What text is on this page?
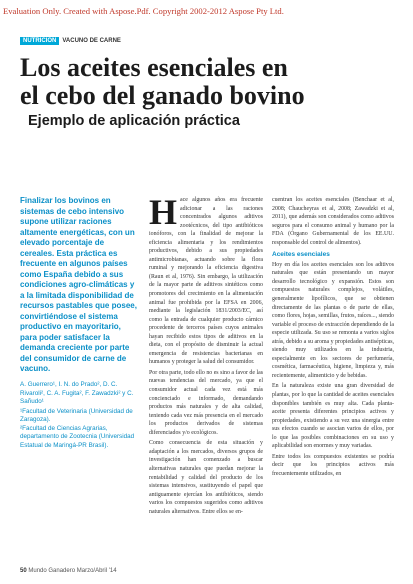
Evaluation Only. Created with Aspose.Pdf. Copyright 2002-2012 Aspose Pty Ltd.
NUTRICIÓN VACUNO DE CARNE
Los aceites esenciales en
el cebo del ganado bovino
Ejemplo de aplicación práctica

Finalizar los bovinos en sistemas de cebo intensivo supone utilizar raciones altamente energéticas, con un elevado porcentaje de cereales. Esta práctica es frecuente en algunos países como España debido a sus condiciones agro-climáticas y a la limitada disponibilidad de recursos pastables que posee, convirtiéndose el sistema productivo en mayoritario, para poder satisfacer la demanda creciente por parte del consumidor de carne de vacuno.

A. Guerrero¹, I. N. do Prado², D. C. Rivaroli², C. A. Fugita², F. Zawadzki² y C. Sañudo¹
¹Facultad de Veterinaria (Universidad de Zaragoza).
²Facultad de Ciencias Agrarias, departamento de Zootecnia (Universidad Estatual de Maringá-PR Brasil).

Hace algunos años era frecuente adicionar a las raciones concentrados algunos aditivos zootécnicos, del tipo antibióticos ionóforos, con la finalidad de mejorar la eficiencia alimentaria y los rendimientos productivos, debido a sus propiedades antimicrobianas, actuando sobre la flora ruminal y mejorando la eficiencia digestiva (Raun et al, 1976). Sin embargo, la utilización de la mayor parte de aditivos sintéticos como promotores del crecimiento en la alimentación animal fue prohibida por la EFSA en 2006, mediante la legislación 1831/2003/EC, así como la entrada de cualquier producto cárnico procedente de terceros países cuyos animales hayan recibido estos tipos de aditivos en la dieta, con el propósito de disminuir la actual emergencia de resistencias bacterianas en humanos y proteger la salud del consumidor.

Por otra parte, todo ello no es sino a favor de las nuevas tendencias del mercado, ya que el consumidor actual cada vez está más concienciado e informado, demandando productos más naturales y de alta calidad, teniendo cada vez más presencia en el mercado los productos derivados de sistemas diferenciados y/o ecológicos.

Como consecuencia de esta situación y adaptación a los mercados, diversos grupos de investigación han comenzado a buscar alternativas naturales que puedan mejorar la rentabilidad y calidad del producto de los sistemas intensivos, sustituyendo el papel que antiguamente ejercían los antibióticos, siendo varios los compuestos sugeridos como aditivos naturales alternativos. Entre ellos se en-

cuentran los aceites esenciales (Benchaar et al, 2008; Chaucheyras et al, 2008; Zawadzki et al, 2011), que además son considerados como aditivos seguros para el consumo animal y humano por la FDA (Órgano Gubernamental de los EE.UU. responsable del control de alimentos).

Aceites esenciales

Hoy en día los aceites esenciales son los aditivos naturales que están presentando un mayor desarrollo tecnológico y expansión. Estos son compuestos naturales complejos, volátiles, generalmente lipofílicos, que se obtienen directamente de las plantas o de parte de ellas, como flores, hojas, semillas, frutos, raíces..., siendo variable el proceso de extracción dependiendo de la especie utilizada. Su uso se remonta a varios siglos atrás, debido a su aroma y propiedades antisépticas, siendo muy utilizados en la industria, especialmente en los sectores de perfumería, cosmética, farmacéutica, higiene, limpieza y, más recientemente, alimenticio y de bebidas.

En la naturaleza existe una gran diversidad de plantas, por lo que la cantidad de aceites esenciales disponibles también es muy alta. Cada planta-aceite presenta diferentes principios activos y propiedades, existiendo a su vez una sinergia entre sus efectos cuando se asocian varios de ellos, por lo que las posibles combinaciones en su uso y aplicabilidad son enormes y muy variadas.

Entre todos los compuestos existentes se podría decir que los principios activos más frecuentemente utilizados, en

50 Mundo Ganadero Marzo/Abril '14
